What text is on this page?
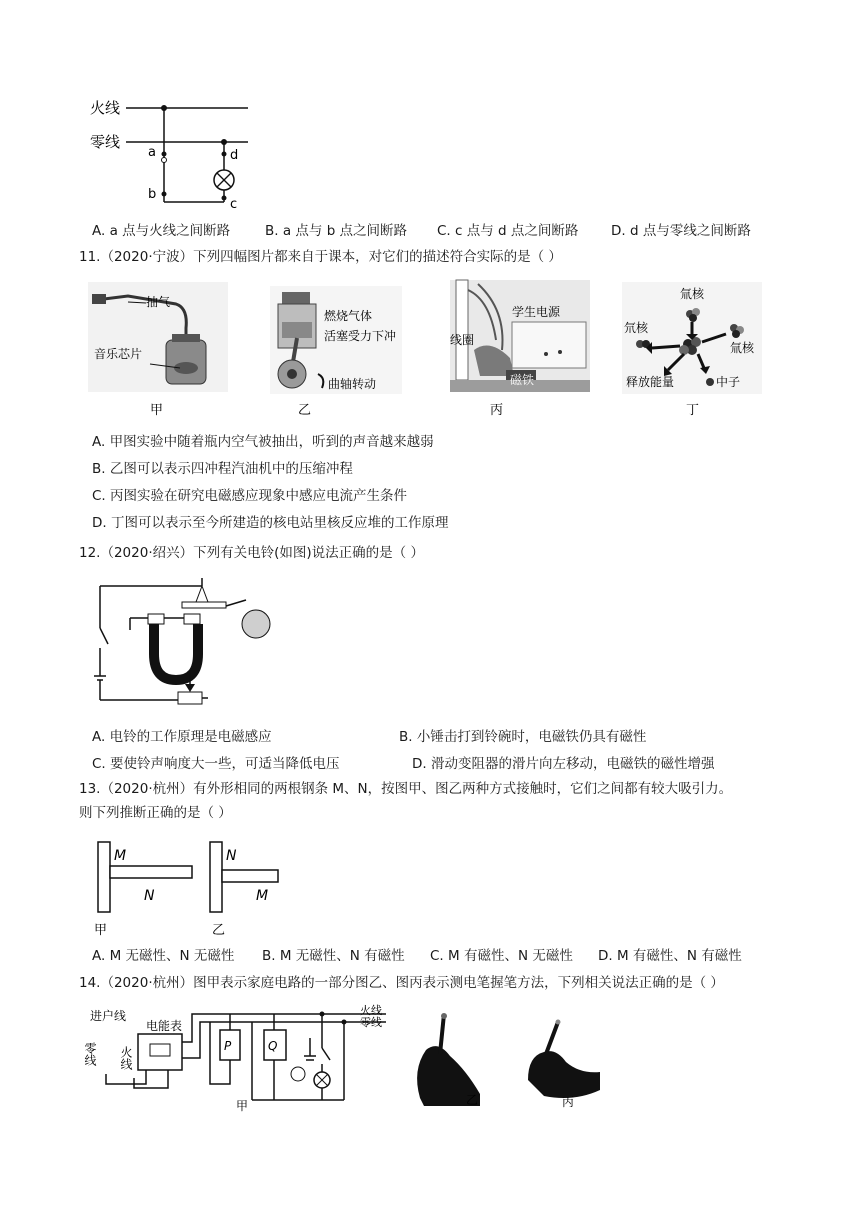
火线
零线
a
b
d
c
A. a 点与火线之间断路	B. a 点与 b 点之间断路 C. c 点与 d 点之间断路 D. d 点与零线之间断路
11.（2020·宁波）下列四幅图片都来自于课本，对它们的描述符合实际的是（ ）
抽气
音乐芯片
甲
燃烧气体
活塞受力下冲
曲轴转动
乙
学生电源
线圈
磁铁
丙
氚核
氘核
氚核
释放能量	中子
丁
A. 甲图实验中随着瓶内空气被抽出，听到的声音越来越弱
B. 乙图可以表示四冲程汽油机中的压缩冲程
C. 丙图实验在研究电磁感应现象中感应电流产生条件
D. 丁图可以表示至今所建造的核电站里核反应堆的工作原理
12.（2020·绍兴）下列有关电铃(如图)说法正确的是（ ）
A. 电铃的工作原理是电磁感应	B. 小锤击打到铃碗时，电磁铁仍具有磁性
C. 要使铃声响度大一些，可适当降低电压	D. 滑动变阻器的滑片向左移动，电磁铁的磁性增强
13.（2020·杭州）有外形相同的两根钢条 M、N，按图甲、图乙两种方式接触时，它们之间都有较大吸引力。
则下列推断正确的是（ ）
M
N
甲
N
M
乙
A. M 无磁性、N 无磁性 B. M 无磁性、N 有磁性 C. M 有磁性、N 无磁性 D. M 有磁性、N 有磁性
14.（2020·杭州）图甲表示家庭电路的一部分图乙、图丙表示测电笔握笔方法，下列相关说法正确的是（ ）
进户线
零线 火线
电能表
火线
零线
P	Q
甲	乙	丙
